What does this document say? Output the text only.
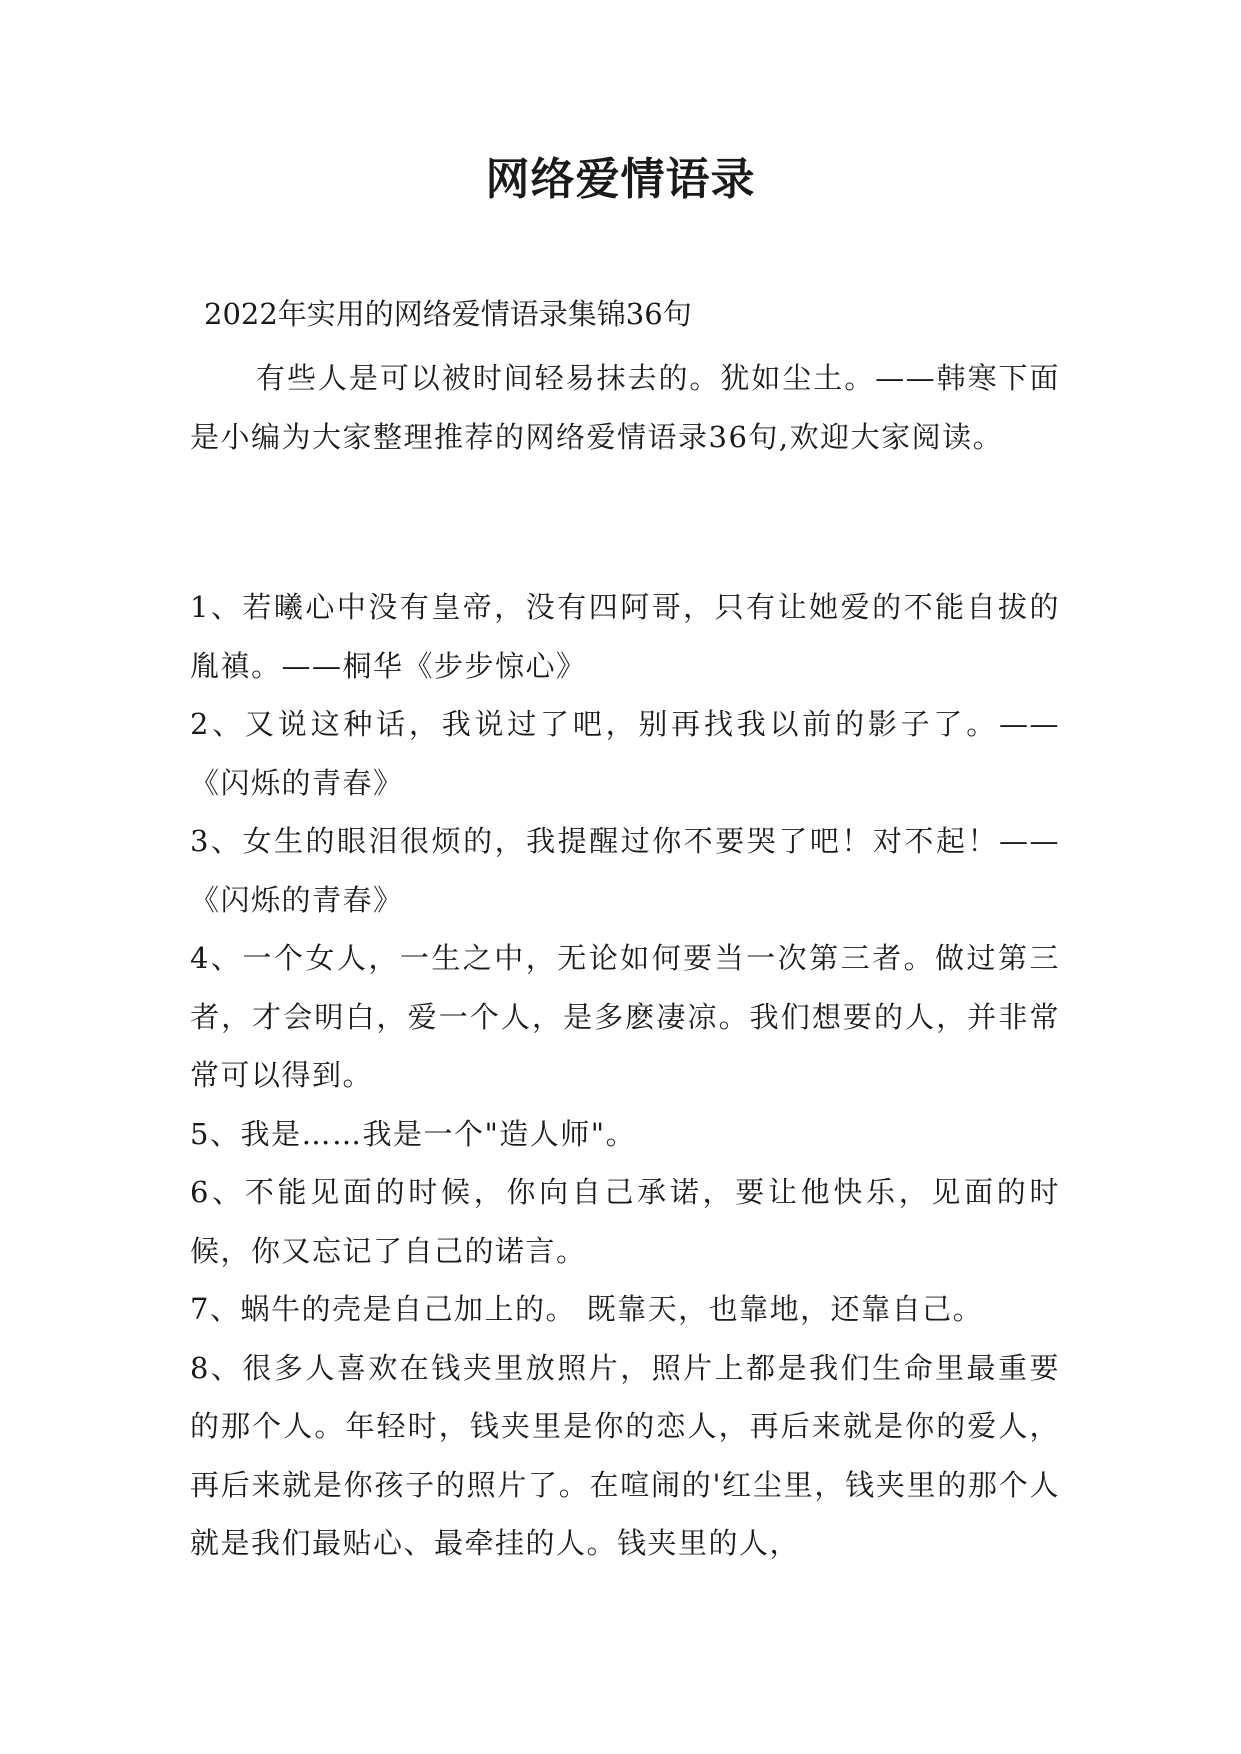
网络爱情语录
2022年实用的网络爱情语录集锦36句

有些人是可以被时间轻易抹去的。犹如尘土。——韩寒下面是小编为大家整理推荐的网络爱情语录36句,欢迎大家阅读。

1、若曦心中没有皇帝，没有四阿哥，只有让她爱的不能自拔的胤禛。——桐华《步步惊心》

2、又说这种话，我说过了吧，别再找我以前的影子了。——《闪烁的青春》

3、女生的眼泪很烦的，我提醒过你不要哭了吧！对不起！——《闪烁的青春》

4、一个女人，一生之中，无论如何要当一次第三者。做过第三者，才会明白，爱一个人，是多麽凄凉。我们想要的人，并非常常可以得到。

5、我是……我是一个"造人师"。

6、不能见面的时候，你向自己承诺，要让他快乐，见面的时候，你又忘记了自己的诺言。

7、蜗牛的壳是自己加上的。 既靠天，也靠地，还靠自己。

8、很多人喜欢在钱夹里放照片，照片上都是我们生命里最重要的那个人。年轻时，钱夹里是你的恋人，再后来就是你的爱人，再后来就是你孩子的照片了。在喧闹的'红尘里，钱夹里的那个人就是我们最贴心、最牵挂的人。钱夹里的人，
